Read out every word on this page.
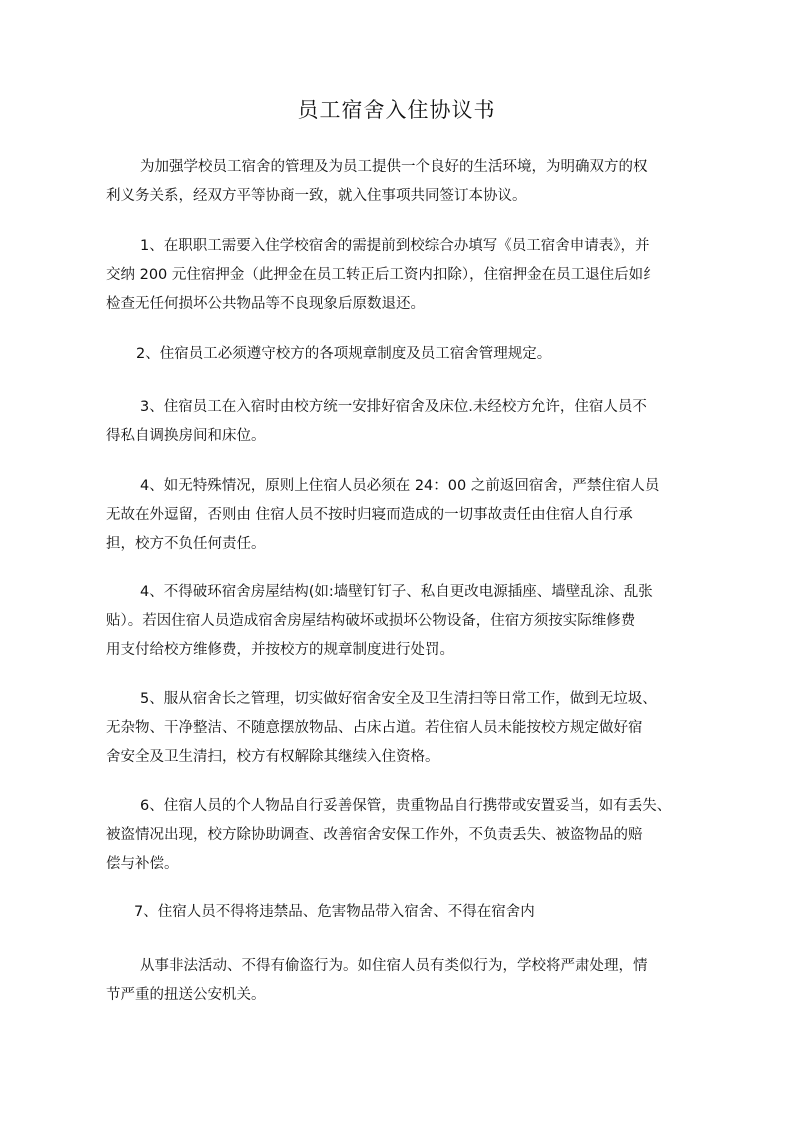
员工宿舍入住协议书
为加强学校员工宿舍的管理及为员工提供一个良好的生活环境，为明确双方的权
利义务关系，经双方平等协商一致，就入住事项共同签订本协议。
1、在职职工需要入住学校宿舍的需提前到校综合办填写《员工宿舍申请表》，并
交纳 200 元住宿押金（此押金在员工转正后工资内扣除），住宿押金在员工退住后如纟
检查无任何损坏公共物品等不良现象后原数退还。
2、住宿员工必须遵守校方的各项规章制度及员工宿舍管理规定。
3、住宿员工在入宿时由校方统一安排好宿舍及床位.未经校方允许，住宿人员不
得私自调换房间和床位。
4、如无特殊情况，原则上住宿人员必须在 24：00 之前返回宿舍，严禁住宿人员
无故在外逗留，否则由 住宿人员不按时归寝而造成的一切事故责任由住宿人自行承
担，校方不负任何责任。
4、不得破环宿舍房屋结构(如:墙壁钉钉子、私自更改电源插座、墙壁乱涂、乱张
贴）。若因住宿人员造成宿舍房屋结构破坏或损坏公物设备，住宿方须按实际维修费
用支付给校方维修费，并按校方的规章制度进行处罚。
5、服从宿舍长之管理，切实做好宿舍安全及卫生清扫等日常工作，做到无垃圾、
无杂物、干净整洁、不随意摆放物品、占床占道。若住宿人员未能按校方规定做好宿
舍安全及卫生清扫，校方有权解除其继续入住资格。
6、住宿人员的个人物品自行妥善保管，贵重物品自行携带或安置妥当，如有丢失、
被盗情况出现，校方除协助调查、改善宿舍安保工作外，不负责丢失、被盗物品的赔
偿与补偿。
7、住宿人员不得将违禁品、危害物品带入宿舍、不得在宿舍内
从事非法活动、不得有偷盗行为。如住宿人员有类似行为，学校将严肃处理，情
节严重的扭送公安机关。
